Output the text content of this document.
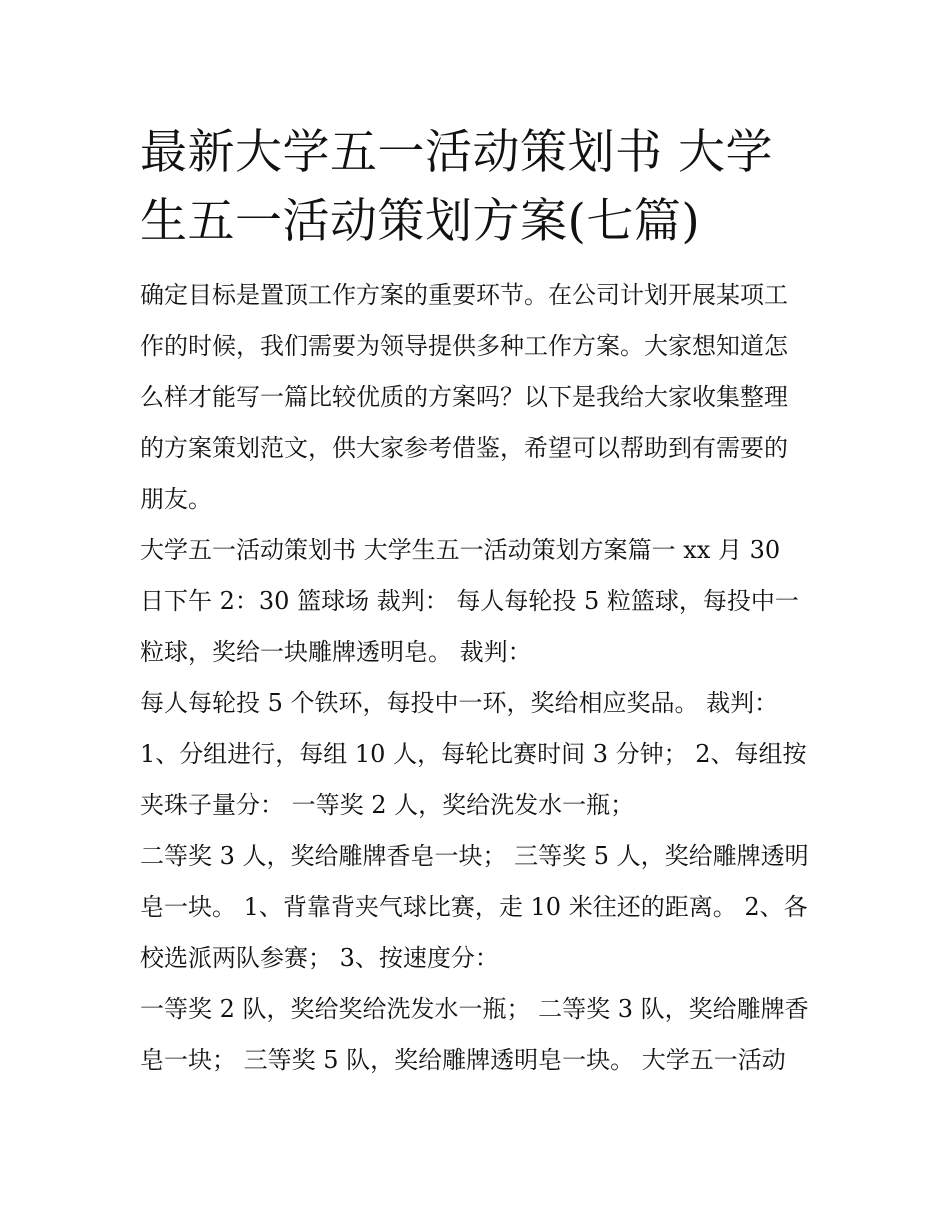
最新大学五一活动策划书 大学
生五一活动策划方案(七篇)

确定目标是置顶工作方案的重要环节。在公司计划开展某项工
作的时候，我们需要为领导提供多种工作方案。大家想知道怎
么样才能写一篇比较优质的方案吗？以下是我给大家收集整理
的方案策划范文，供大家参考借鉴，希望可以帮助到有需要的
朋友。

大学五一活动策划书 大学生五一活动策划方案篇一 xx 月 30
日下午 2：30 篮球场 裁判： 每人每轮投 5 粒篮球，每投中一
粒球，奖给一块雕牌透明皂。 裁判：

每人每轮投 5 个铁环，每投中一环，奖给相应奖品。 裁判：
1、分组进行，每组 10 人，每轮比赛时间 3 分钟； 2、每组按
夹珠子量分： 一等奖 2 人，奖给洗发水一瓶；

二等奖 3 人，奖给雕牌香皂一块； 三等奖 5 人，奖给雕牌透明
皂一块。 1、背靠背夹气球比赛，走 10 米往还的距离。 2、各
校选派两队参赛； 3、按速度分：

一等奖 2 队，奖给奖给洗发水一瓶； 二等奖 3 队，奖给雕牌香
皂一块； 三等奖 5 队，奖给雕牌透明皂一块。 大学五一活动
